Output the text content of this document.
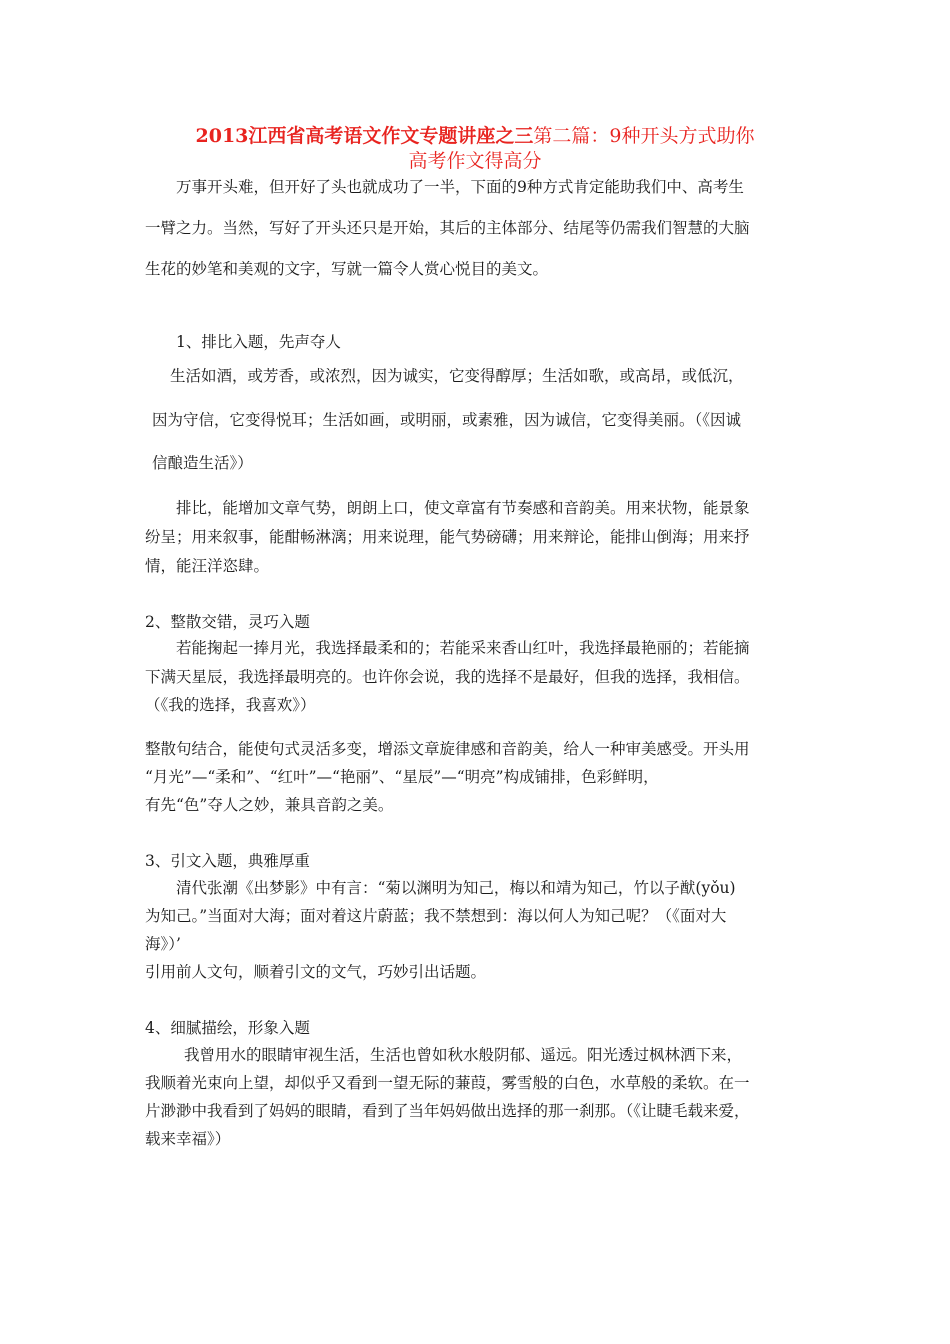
2013江西省高考语文作文专题讲座之三第二篇：9种开头方式助你
高考作文得高分

万事开头难，但开好了头也就成功了一半，下面的9种方式肯定能助我们中、高考生

一臂之力。当然，写好了开头还只是开始，其后的主体部分、结尾等仍需我们智慧的大脑

生花的妙笔和美观的文字，写就一篇令人赏心悦目的美文。

1、排比入题，先声夺人

生活如酒，或芳香，或浓烈，因为诚实，它变得醇厚；生活如歌，或高昂，或低沉，

因为守信，它变得悦耳；生活如画，或明丽，或素雅，因为诚信，它变得美丽。（《因诚

信酿造生活》）

排比，能增加文章气势，朗朗上口，使文章富有节奏感和音韵美。用来状物，能景象

纷呈；用来叙事，能酣畅淋漓；用来说理，能气势磅礴；用来辩论，能排山倒海；用来抒

情，能汪洋恣肆。

2、整散交错，灵巧入题

若能掬起一捧月光，我选择最柔和的；若能采来香山红叶，我选择最艳丽的；若能摘

下满天星辰，我选择最明亮的。也许你会说，我的选择不是最好，但我的选择，我相信。

（《我的选择，我喜欢》）

整散句结合，能使句式灵活多变，增添文章旋律感和音韵美，给人一种审美感受。开头用

“月光”—“柔和”、“红叶”—“艳丽”、“星辰”—“明亮”构成铺排，色彩鲜明，

有先“色”夺人之妙，兼具音韵之美。

3、引文入题，典雅厚重

清代张潮《出梦影》中有言：“菊以渊明为知己，梅以和靖为知己，竹以子猷(yǒu)

为知己。”当面对大海；面对着这片蔚蓝；我不禁想到：海以何人为知己呢？（《面对大

海》）’

引用前人文句，顺着引文的文气，巧妙引出话题。

4、细腻描绘，形象入题

我曾用水的眼睛审视生活，生活也曾如秋水般阴郁、遥远。阳光透过枫林洒下来，

我顺着光束向上望，却似乎又看到一望无际的蒹葭，雾雪般的白色，水草般的柔软。在一

片渺渺中我看到了妈妈的眼睛，看到了当年妈妈做出选择的那一刹那。（《让睫毛载来爱，

载来幸福》）
